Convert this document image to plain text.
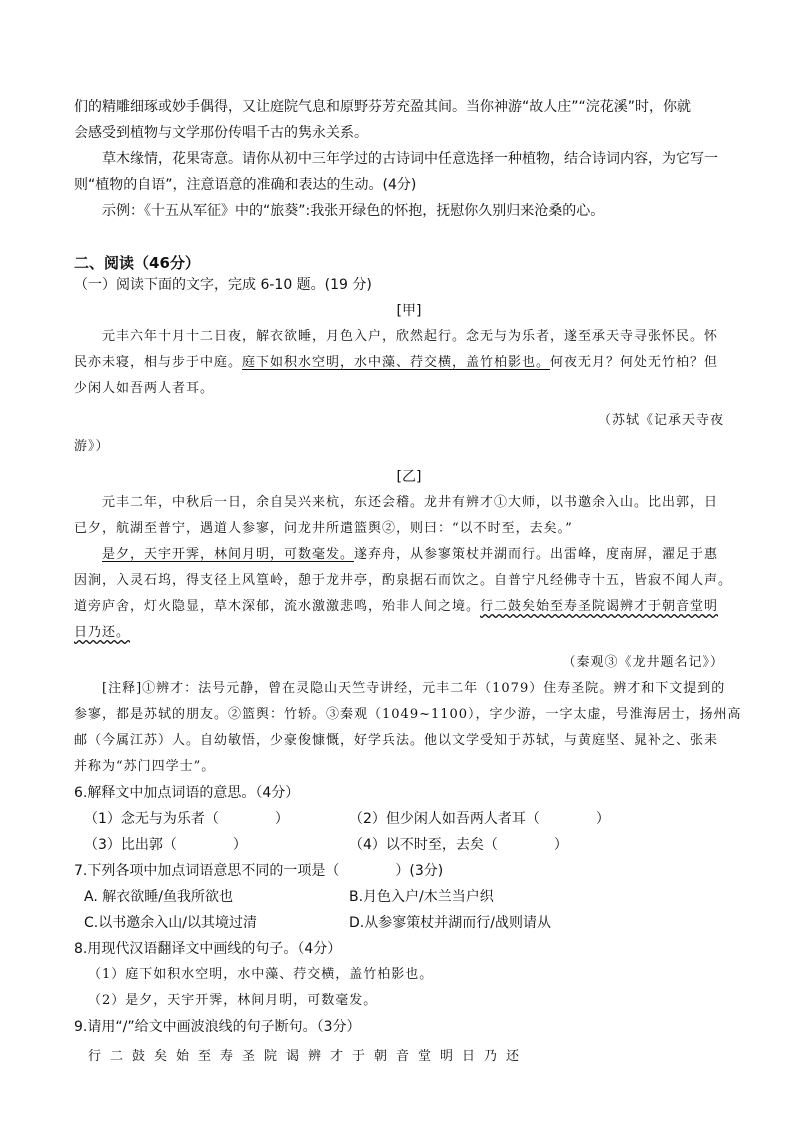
们的精雕细琢或妙手偶得，又让庭院气息和原野芬芳充盈其间。当你神游“故人庄”“浣花溪”时，你就

会感受到植物与文学那份传唱千古的隽永关系。

草木缘情，花果寄意。请你从初中三年学过的古诗词中任意选择一种植物，结合诗词内容，为它写一

则“植物的自语”，注意语意的准确和表达的生动。(4分)

示例：《十五从军征》中的“旅葵”:我张开绿色的怀抱，抚慰你久别归来沧桑的心。

二、阅读（46分）

（一）阅读下面的文字，完成 6-10 题。(19 分)

[甲]

元丰六年十月十二日夜，解衣欲睡，月色入户，欣然起行。念无与为乐者，遂至承天寺寻张怀民。怀

民亦未寝，相与步于中庭。庭下如积水空明，水中藻、荇交横，盖竹柏影也。何夜无月？何处无竹柏？但

少闲人如吾两人者耳。

（苏轼《记承天寺夜

游》）

[乙]

元丰二年，中秋后一日，余自吴兴来杭，东还会稽。龙井有辨才①大师，以书邀余入山。比出郭，日

已夕，航湖至普宁，遇道人参寥，问龙井所遣篮舆②，则曰：“以不时至，去矣。”

是夕，天宇开霁，林间月明，可数毫发。遂弃舟，从参寥策杖并湖而行。出雷峰，度南屏，濯足于惠

因涧，入灵石坞，得支径上风篁岭，憩于龙井亭，酌泉据石而饮之。自普宁凡经佛寺十五，皆寂不闻人声。

道旁庐舍，灯火隐显，草木深郁，流水激激悲鸣，殆非人间之境。行二鼓矣始至寿圣院谒辨才于朝音堂明

日乃还。

（秦观③《龙井题名记》）

[注释]①辨才：法号元静，曾在灵隐山天竺寺讲经，元丰二年（1079）住寿圣院。辨才和下文提到的

参寥，都是苏轼的朋友。②篮舆：竹轿。③秦观（1049~1100），字少游，一字太虚，号淮海居士，扬州高

邮（今属江苏）人。自幼敏悟，少豪俊慷慨，好学兵法。他以文学受知于苏轼，与黄庭坚、晁补之、张耒

并称为“苏门四学士”。

6.解释文中加点词语的意思。（4分）

（1）念无与为乐者（　　　　）	（2）但少闲人如吾两人者耳（　　　　）
（3）比出郭（　　　　）	（4）以不时至，去矣（　　　　）

7.下列各项中加点词语意思不同的一项是（　　　　）(3分)

A. 解衣欲睡/鱼我所欲也	B.月色入户/木兰当户织
C.以书邀余入山/以其境过清	D.从参寥策杖并湖而行/战则请从

8.用现代汉语翻译文中画线的句子。（4分）

（1）庭下如积水空明，水中藻、荇交横，盖竹柏影也。

（2）是夕，天宇开霁，林间月明，可数毫发。

9.请用“/”给文中画波浪线的句子断句。（3分）

行二鼓矣始至寿圣院谒辨才于朝音堂明日乃还
